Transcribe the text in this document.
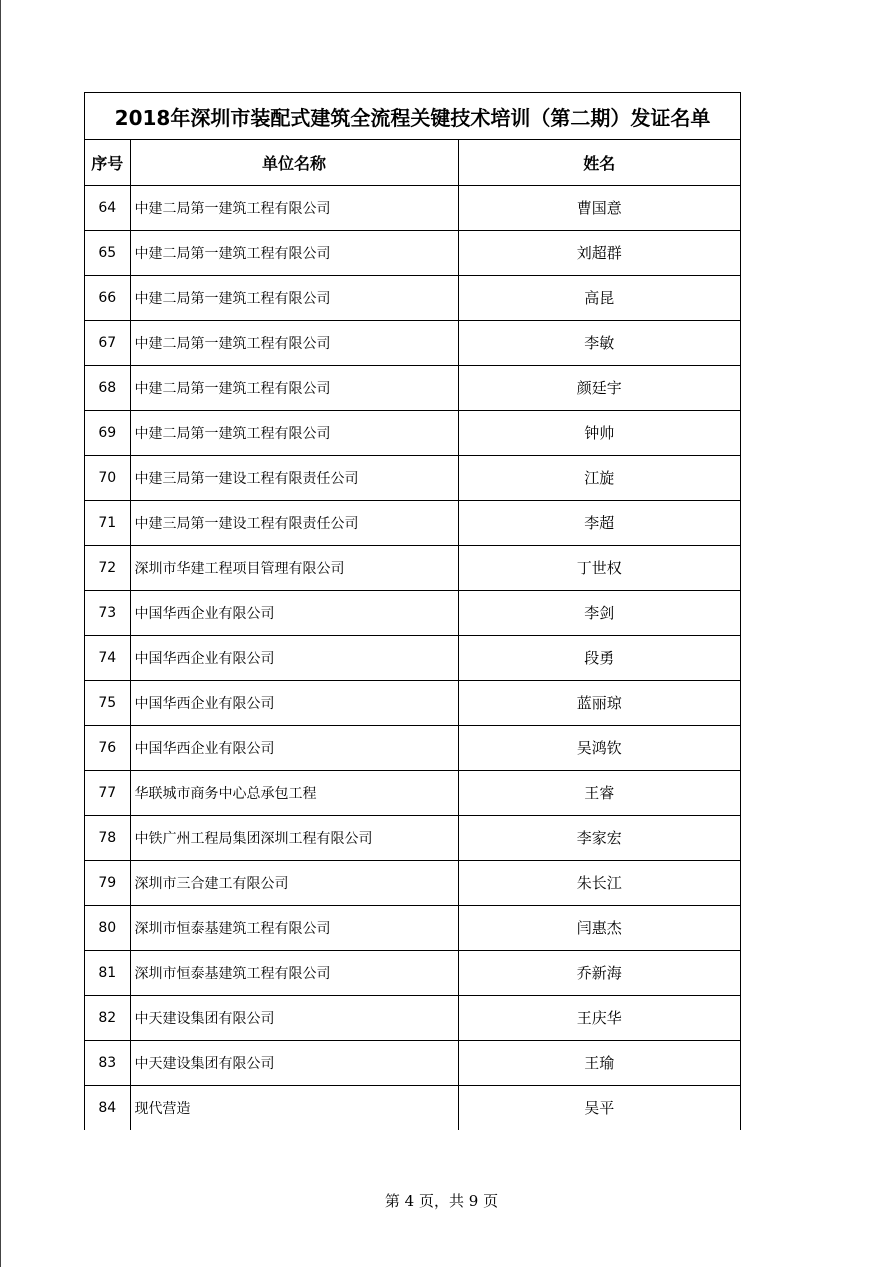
2018年深圳市装配式建筑全流程关键技术培训（第二期）发证名单
序号	单位名称	姓名
64	中建二局第一建筑工程有限公司	曹国意
65	中建二局第一建筑工程有限公司	刘超群
66	中建二局第一建筑工程有限公司	高昆
67	中建二局第一建筑工程有限公司	李敏
68	中建二局第一建筑工程有限公司	颜廷宇
69	中建二局第一建筑工程有限公司	钟帅
70	中建三局第一建设工程有限责任公司	江旋
71	中建三局第一建设工程有限责任公司	李超
72	深圳市华建工程项目管理有限公司	丁世权
73	中国华西企业有限公司	李剑
74	中国华西企业有限公司	段勇
75	中国华西企业有限公司	蓝丽琼
76	中国华西企业有限公司	吴鸿钦
77	华联城市商务中心总承包工程	王睿
78	中铁广州工程局集团深圳工程有限公司	李家宏
79	深圳市三合建工有限公司	朱长江
80	深圳市恒泰基建筑工程有限公司	闫惠杰
81	深圳市恒泰基建筑工程有限公司	乔新海
82	中天建设集团有限公司	王庆华
83	中天建设集团有限公司	王瑜
84	现代营造	吴平
第 4 页，共 9 页
